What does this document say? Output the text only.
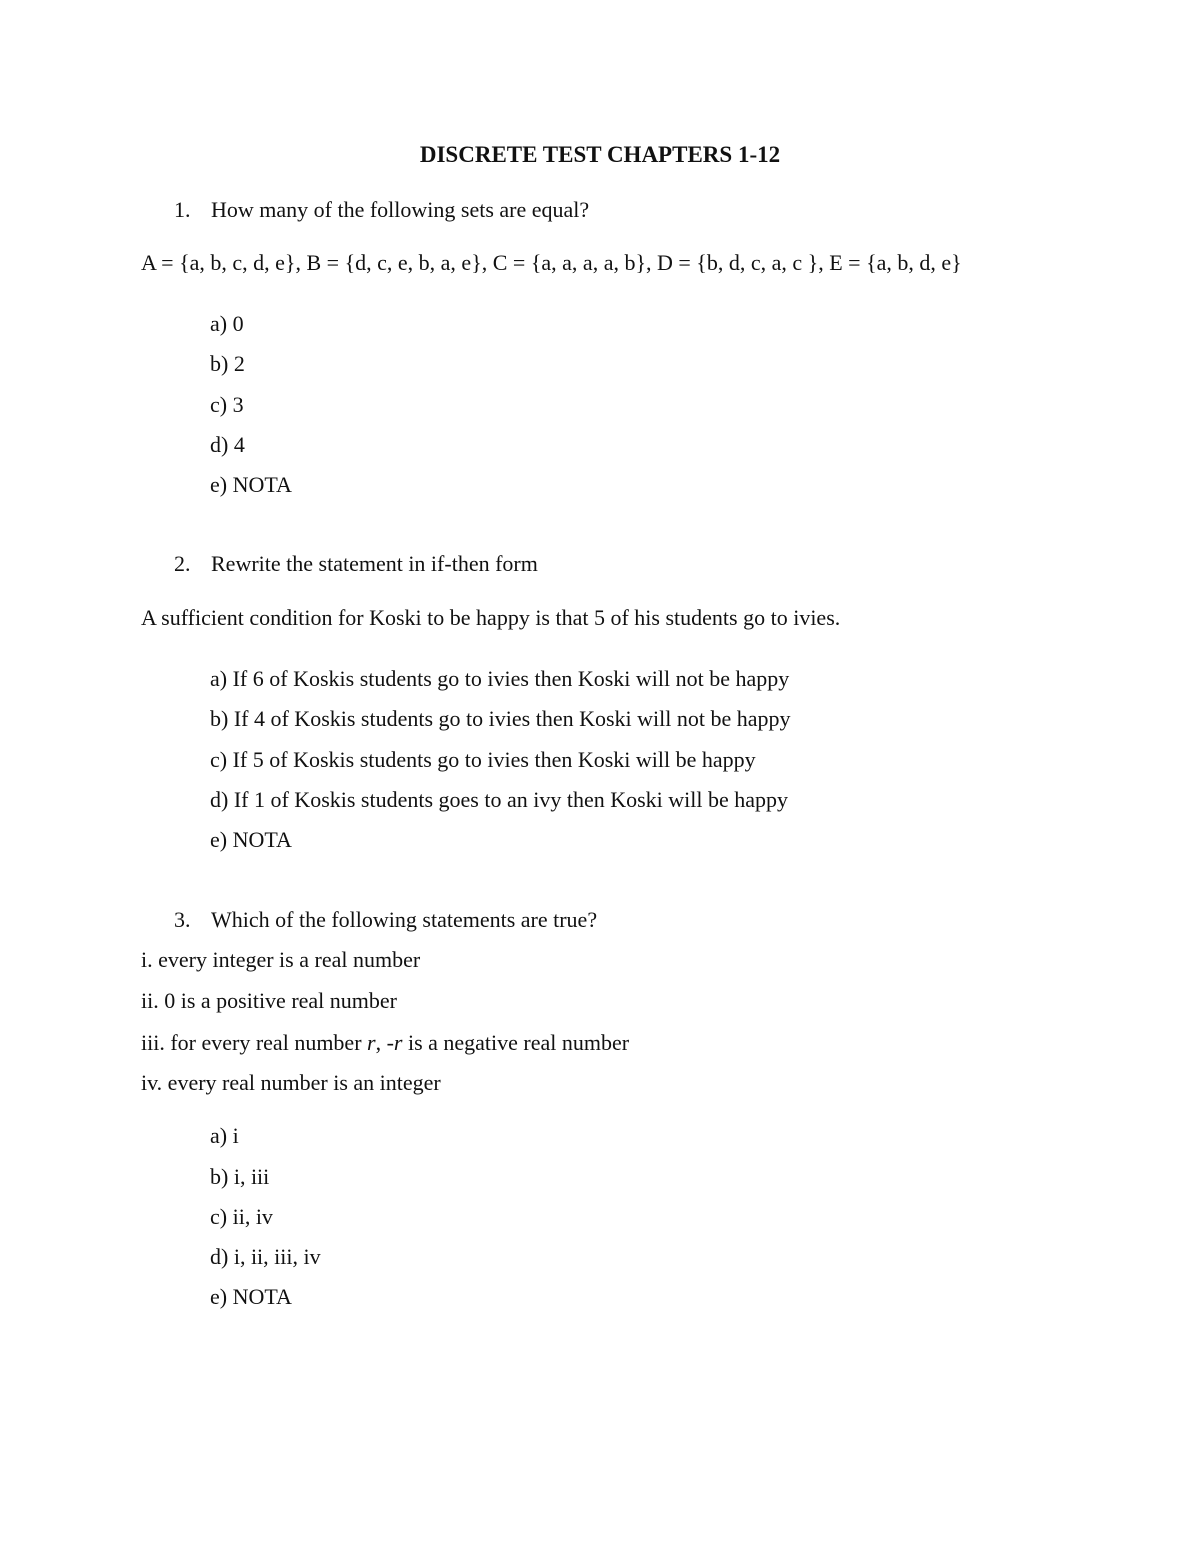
DISCRETE TEST CHAPTERS 1-12
1. How many of the following sets are equal?
A = {a, b, c, d, e}, B = {d, c, e, b, a, e}, C = {a, a, a, a, b}, D = {b, d, c, a, c }, E = {a, b, d, e}
a) 0
b) 2
c) 3
d) 4
e) NOTA
2. Rewrite the statement in if-then form
A sufficient condition for Koski to be happy is that 5 of his students go to ivies.
a) If 6 of Koskis students go to ivies then Koski will not be happy
b) If 4 of Koskis students go to ivies then Koski will not be happy
c) If 5 of Koskis students go to ivies then Koski will be happy
d) If 1 of Koskis students goes to an ivy then Koski will be happy
e) NOTA
3. Which of the following statements are true?
i. every integer is a real number
ii. 0 is a positive real number
iii. for every real number r, -r is a negative real number
iv. every real number is an integer
a) i
b) i, iii
c) ii, iv
d) i, ii, iii, iv
e) NOTA
